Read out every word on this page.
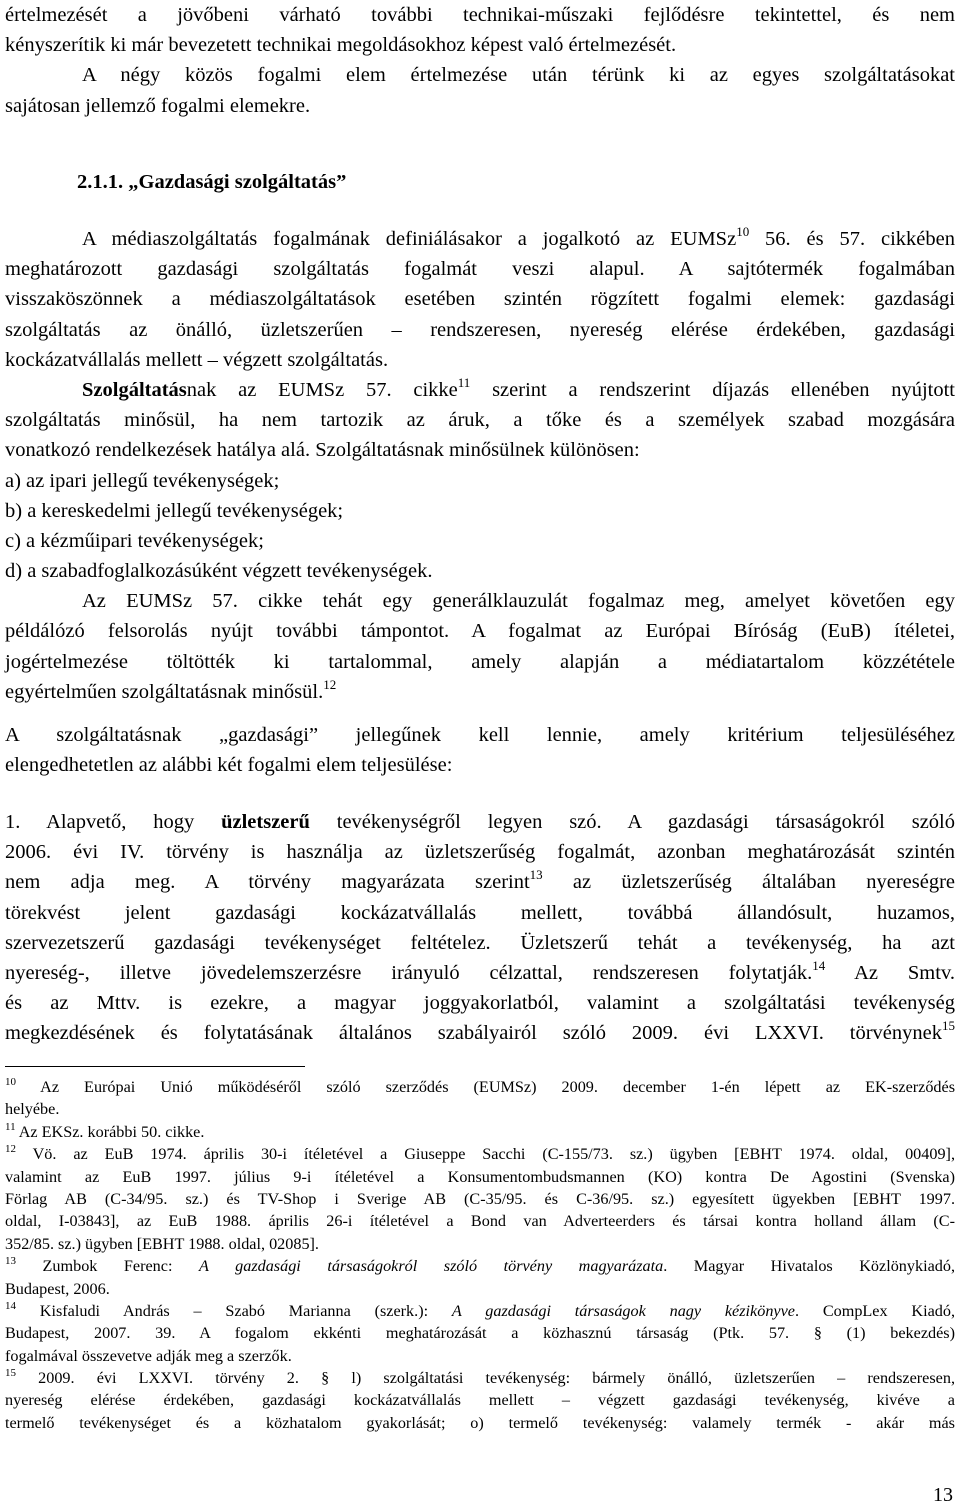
értelmezését a jövőbeni várható további technikai-műszaki fejlődésre tekintettel, és nem
kényszerítik ki már bevezetett technikai megoldásokhoz képest való értelmezését.
A négy közös fogalmi elem értelmezése után térünk ki az egyes szolgáltatásokat
sajátosan jellemző fogalmi elemekre.
2.1.1. „Gazdasági szolgáltatás”
A médiaszolgáltatás fogalmának definiálásakor a jogalkotó az EUMSz$^{10}$ 56. és 57. cikkében
meghatározott gazdasági szolgáltatás fogalmát veszi alapul. A sajtótermék fogalmában
visszaköszönnek a médiaszolgáltatások esetében szintén rögzített fogalmi elemek: gazdasági
szolgáltatás az önálló, üzletszerűen – rendszeresen, nyereség elérése érdekében, gazdasági
kockázatvállalás mellett – végzett szolgáltatás.
Szolgáltatásnak az EUMSz 57. cikke$^{11}$ szerint a rendszerint díjazás ellenében nyújtott
szolgáltatás minősül, ha nem tartozik az áruk, a tőke és a személyek szabad mozgására
vonatkozó rendelkezések hatálya alá. Szolgáltatásnak minősülnek különösen:
a) az ipari jellegű tevékenységek;
b) a kereskedelmi jellegű tevékenységek;
c) a kézműipari tevékenységek;
d) a szabadfoglalkozásúként végzett tevékenységek.
Az EUMSz 57. cikke tehát egy generálklauzulát fogalmaz meg, amelyet követően egy
példálózó felsorolás nyújt további támpontot. A fogalmat az Európai Bíróság (EuB) ítéletei,
jogértelmezése töltötték ki tartalommal, amely alapján a médiatartalom közzététele
egyértelműen szolgáltatásnak minősül.$^{12}$
A szolgáltatásnak „gazdasági” jellegűnek kell lennie, amely kritérium teljesüléséhez
elengedhetetlen az alábbi két fogalmi elem teljesülése:
1. Alapvető, hogy üzletszerű tevékenységről legyen szó. A gazdasági társaságokról szóló
2006. évi IV. törvény is használja az üzletszerűség fogalmát, azonban meghatározását szintén
nem adja meg. A törvény magyarázata szerint$^{13}$ az üzletszerűség általában nyereségre
törekvést jelent gazdasági kockázatvállalás mellett, továbbá állandósult, huzamos,
szervezetszerű gazdasági tevékenységet feltételez. Üzletszerű tehát a tevékenység, ha azt
nyereség-, illetve jövedelemszerzésre irányuló célzattal, rendszeresen folytatják.$^{14}$ Az Smtv.
és az Mttv. is ezekre, a magyar joggyakorlatból, valamint a szolgáltatási tevékenység
megkezdésének és folytatásának általános szabályairól szóló 2009. évi LXXVI. törvénynek$^{15}$
$^{10}$ Az Európai Unió működéséről szóló szerződés (EUMSz) 2009. december 1-én lépett az EK-szerződés
helyébe.
$^{11}$ Az EKSz. korábbi 50. cikke.
$^{12}$ Vö. az EuB 1974. április 30-i ítéletével a Giuseppe Sacchi (C-155/73. sz.) ügyben [EBHT 1974. oldal, 00409],
valamint az EuB 1997. július 9-i ítéletével a Konsumentombudsmannen (KO) kontra De Agostini (Svenska)
Förlag AB (C-34/95. sz.) és TV-Shop i Sverige AB (C-35/95. és C-36/95. sz.) egyesített ügyekben [EBHT 1997.
oldal, I-03843], az EuB 1988. április 26-i ítéletével a Bond van Adverteerders és társai kontra holland állam (C-
352/85. sz.) ügyben [EBHT 1988. oldal, 02085].
$^{13}$ Zumbok Ferenc: A gazdasági társaságokról szóló törvény magyarázata. Magyar Hivatalos Közlönykiadó,
Budapest, 2006.
$^{14}$ Kisfaludi András – Szabó Marianna (szerk.): A gazdasági társaságok nagy kézikönyve. CompLex Kiadó,
Budapest, 2007. 39. A fogalom ekkénti meghatározását a közhasznú társaság (Ptk. 57. § (1) bekezdés)
fogalmával összevetve adják meg a szerzők.
$^{15}$ 2009. évi LXXVI. törvény 2. § l) szolgáltatási tevékenység: bármely önálló, üzletszerűen – rendszeresen,
nyereség elérése érdekében, gazdasági kockázatvállalás mellett – végzett gazdasági tevékenység, kivéve a
termelő tevékenységet és a közhatalom gyakorlását; o) termelő tevékenység: valamely termék - akár más
13
